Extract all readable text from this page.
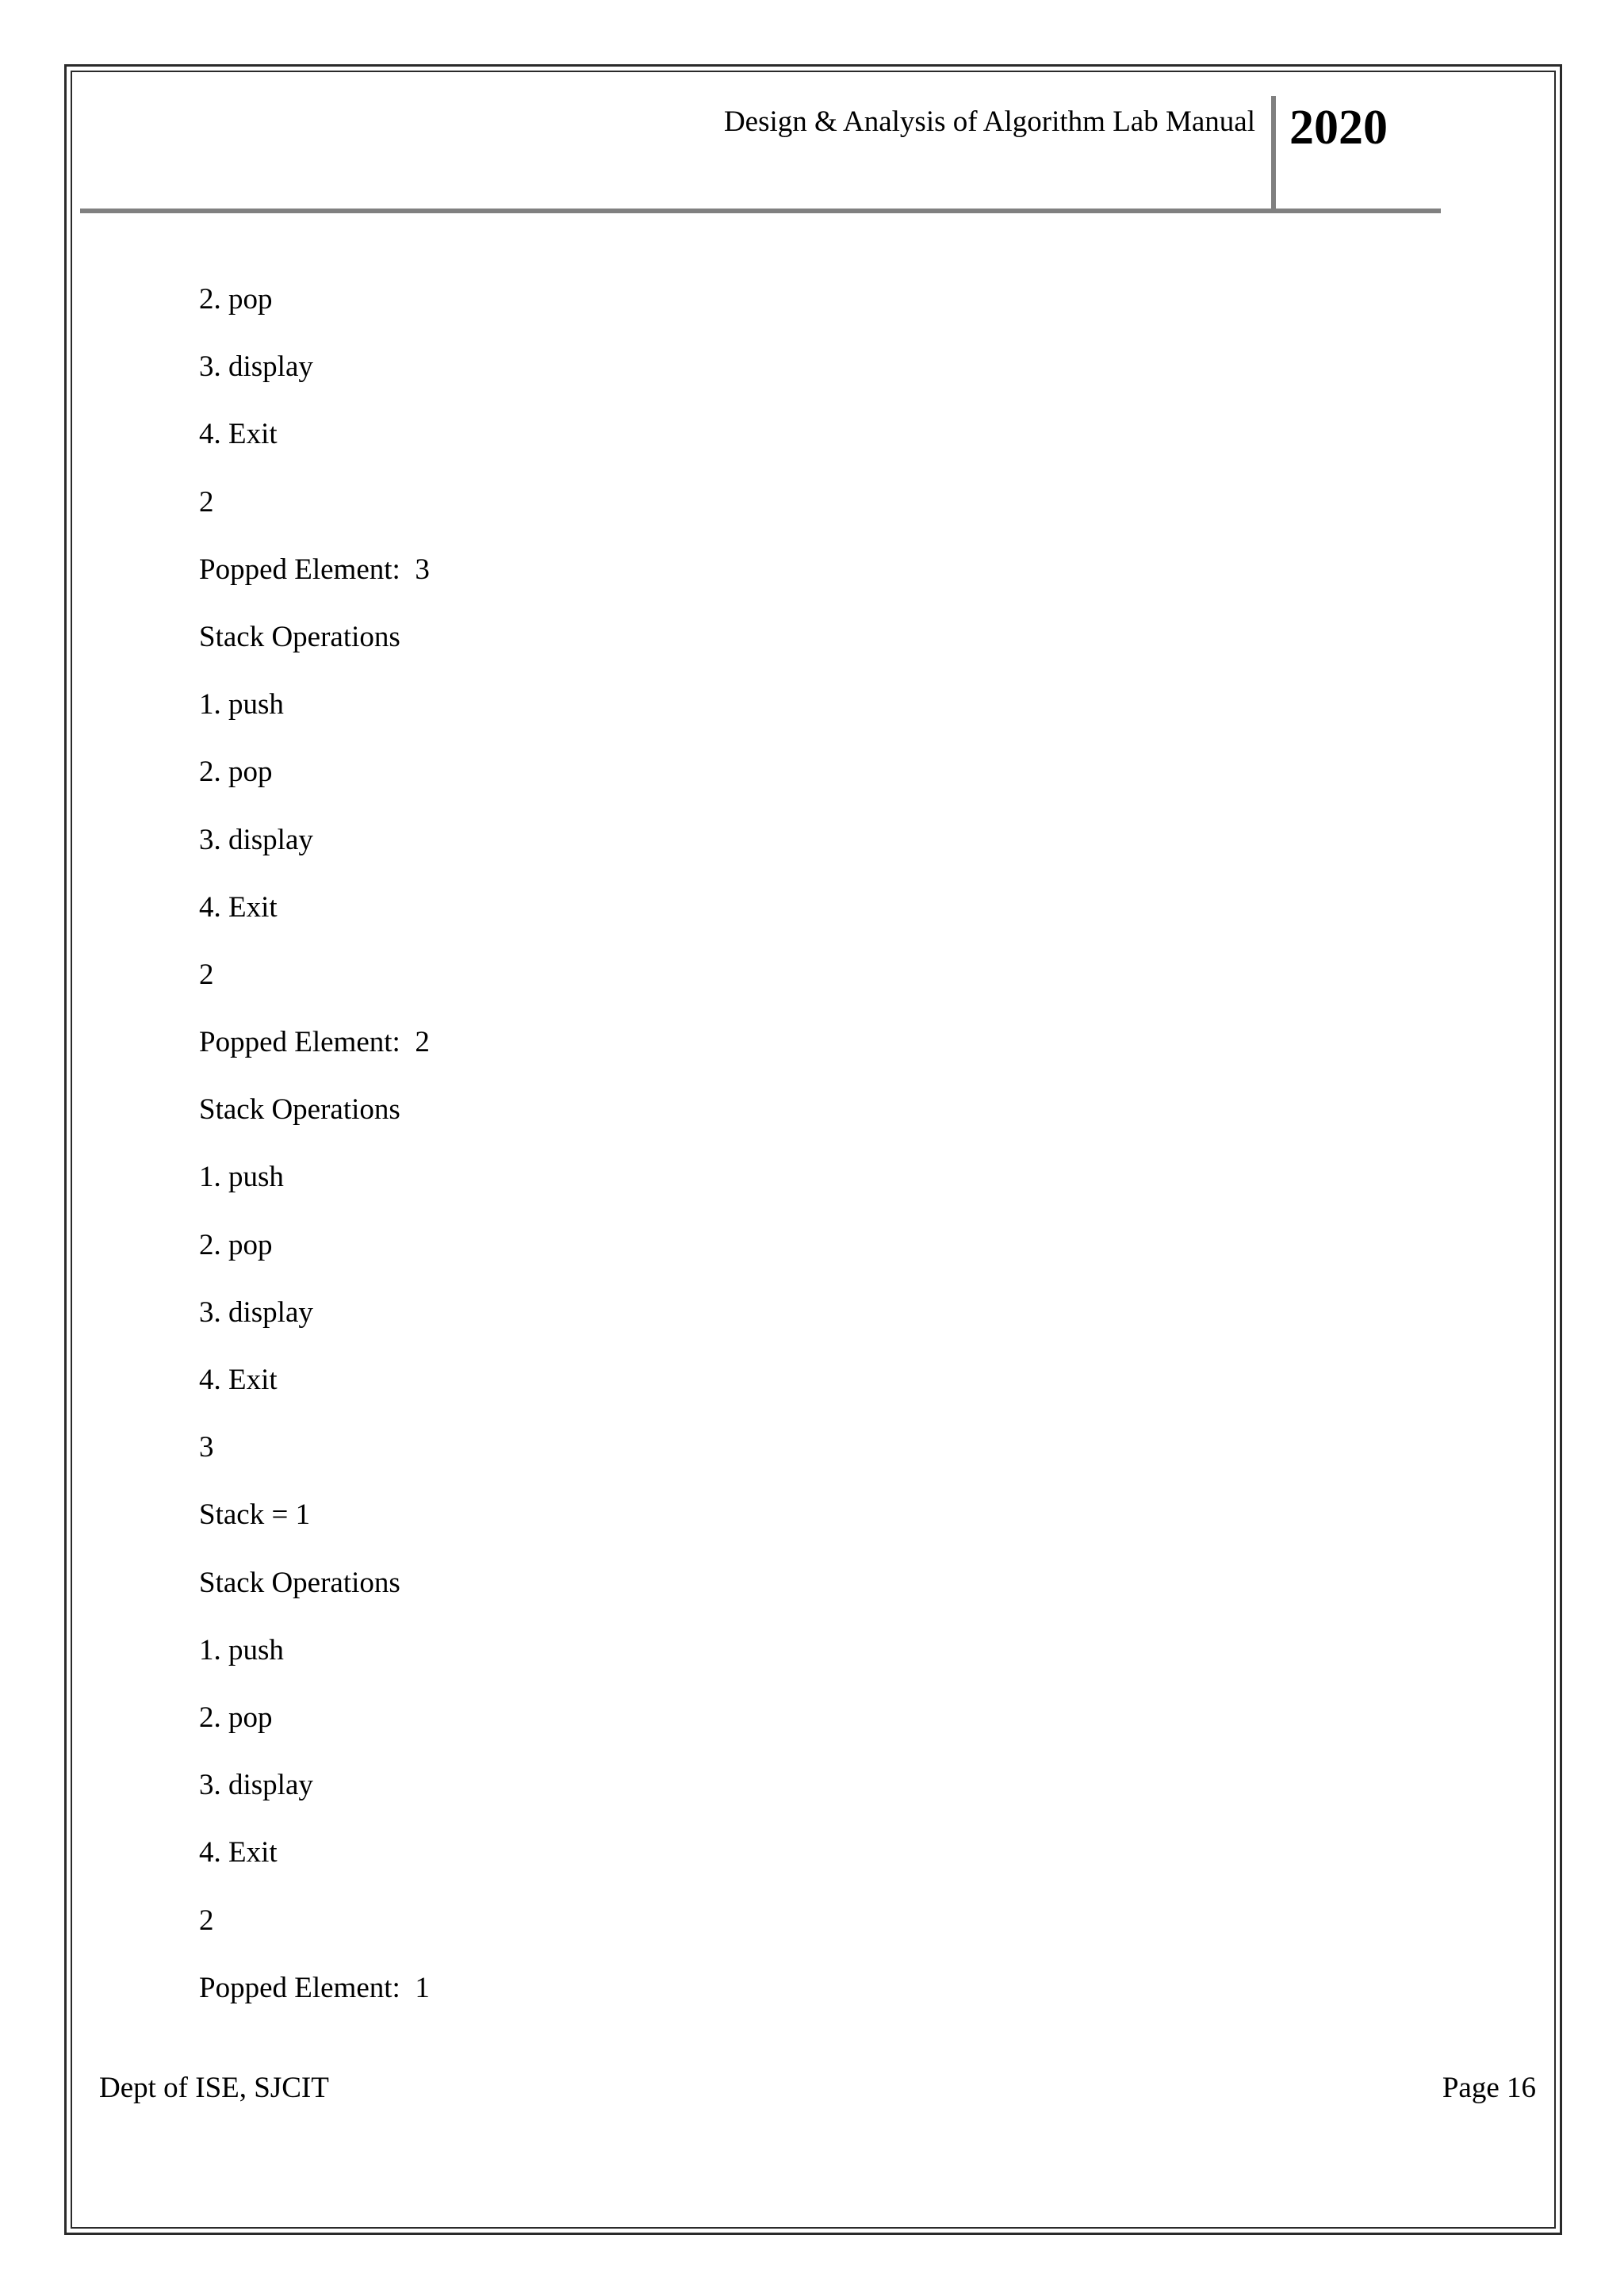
Design & Analysis of Algorithm Lab Manual 2020
2. pop
3. display
4. Exit
2
Popped Element:  3
Stack Operations
1. push
2. pop
3. display
4. Exit
2
Popped Element:  2
Stack Operations
1. push
2. pop
3. display
4. Exit
3
Stack = 1
Stack Operations
1. push
2. pop
3. display
4. Exit
2
Popped Element:  1
Dept of ISE, SJCIT	Page 16
